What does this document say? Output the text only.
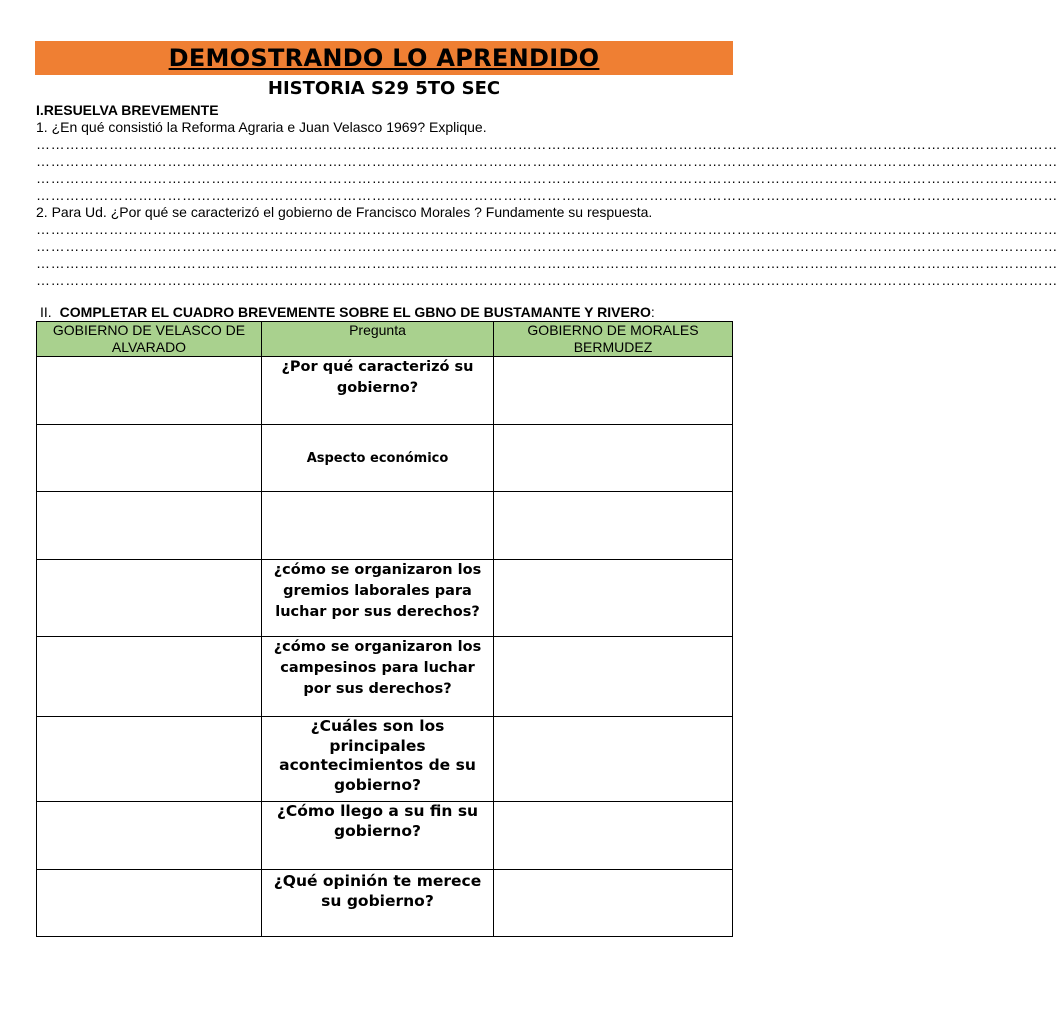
DEMOSTRANDO LO APRENDIDO
HISTORIA S29 5TO SEC
I.RESUELVA BREVEMENTE
1. ¿En qué consistió la Reforma Agraria e Juan Velasco 1969? Explique.
…………………………………………………………………………………………………………………………………………………………………………………………
…………………………………………………………………………………………………………………………………………………………………………………………
…………………………………………………………………………………………………………………………………………………………………………………………
…………………………………………………………………………………………………………………………………………………………………………………………
2. Para Ud. ¿Por qué se caracterizó el gobierno de Francisco Morales ? Fundamente su respuesta.
…………………………………………………………………………………………………………………………………………………………………………………………
…………………………………………………………………………………………………………………………………………………………………………………………
…………………………………………………………………………………………………………………………………………………………………………………………
…………………………………………………………………………………………………………………………………………………………………………………………
II. COMPLETAR EL CUADRO BREVEMENTE SOBRE EL GBNO DE BUSTAMANTE Y RIVERO:
GOBIERNO DE VELASCO DE ALVARADO	Pregunta	GOBIERNO DE MORALES BERMUDEZ
	¿Por qué caracterizó su gobierno?	
	Aspecto económico	

	¿cómo se organizaron los gremios laborales para luchar por sus derechos?	
	¿cómo se organizaron los campesinos para luchar por sus derechos?	
	¿Cuáles son los principales acontecimientos de su gobierno?	
	¿Cómo llego a su fin su gobierno?	
	¿Qué opinión te merece su gobierno?	
